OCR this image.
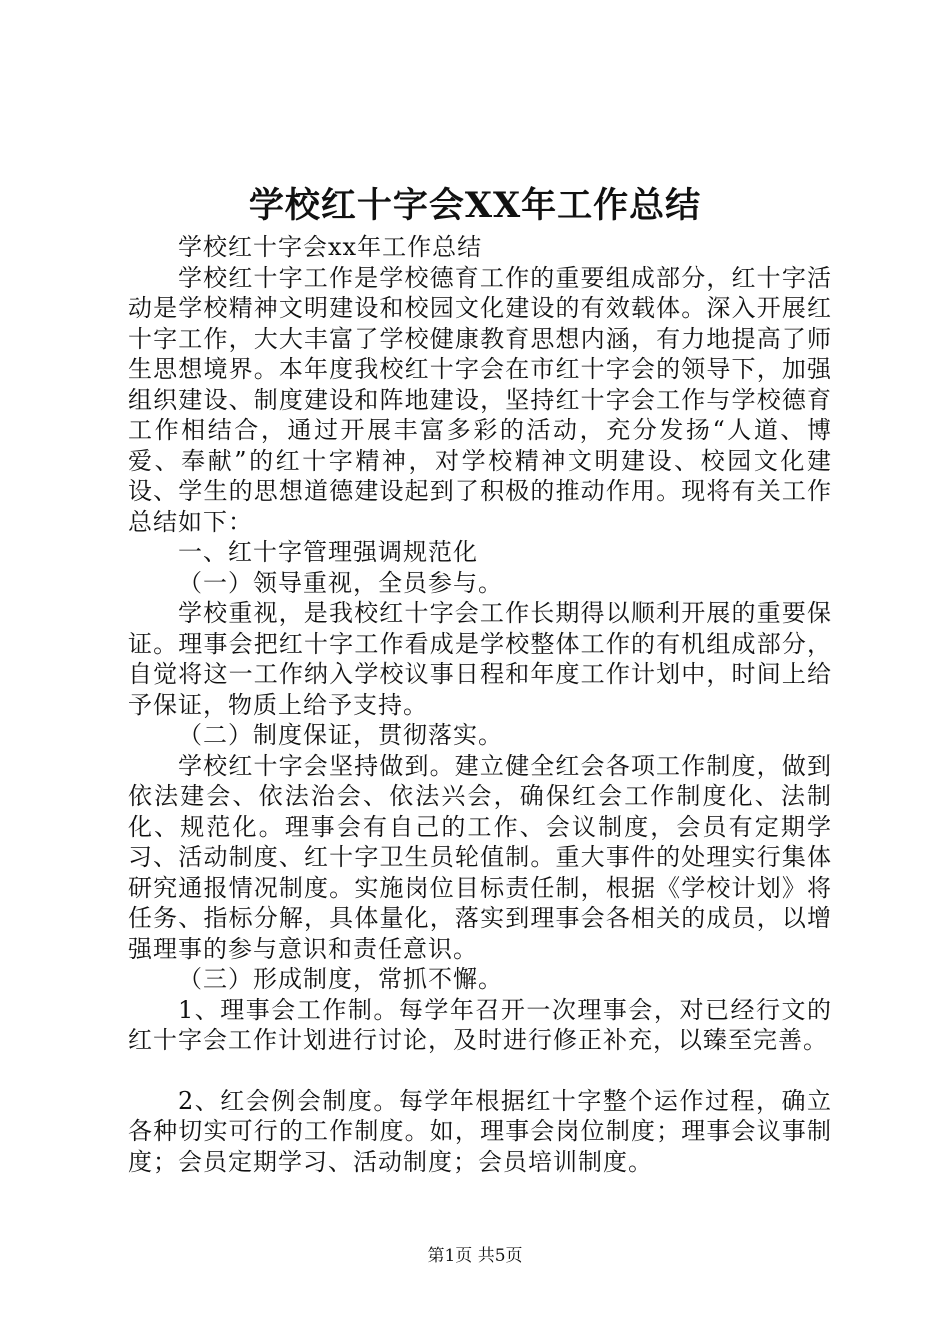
学校红十字会XX年工作总结

学校红十字会xx年工作总结

学校红十字工作是学校德育工作的重要组成部分，红十字活动是学校精神文明建设和校园文化建设的有效载体。深入开展红十字工作，大大丰富了学校健康教育思想内涵，有力地提高了师生思想境界。本年度我校红十字会在市红十字会的领导下，加强组织建设、制度建设和阵地建设，坚持红十字会工作与学校德育工作相结合，通过开展丰富多彩的活动，充分发扬“人道、博爱、奉献”的红十字精神，对学校精神文明建设、校园文化建设、学生的思想道德建设起到了积极的推动作用。现将有关工作总结如下：

一、红十字管理强调规范化

（一）领导重视，全员参与。

学校重视，是我校红十字会工作长期得以顺利开展的重要保证。理事会把红十字工作看成是学校整体工作的有机组成部分，自觉将这一工作纳入学校议事日程和年度工作计划中，时间上给予保证，物质上给予支持。

（二）制度保证，贯彻落实。

学校红十字会坚持做到。建立健全红会各项工作制度，做到依法建会、依法治会、依法兴会，确保红会工作制度化、法制化、规范化。理事会有自己的工作、会议制度，会员有定期学习、活动制度、红十字卫生员轮值制。重大事件的处理实行集体研究通报情况制度。实施岗位目标责任制，根据《学校计划》将任务、指标分解，具体量化，落实到理事会各相关的成员，以增强理事的参与意识和责任意识。

（三）形成制度，常抓不懈。

1、理事会工作制。每学年召开一次理事会，对已经行文的红十字会工作计划进行讨论，及时进行修正补充，以臻至完善。

2、红会例会制度。每学年根据红十字整个运作过程，确立各种切实可行的工作制度。如，理事会岗位制度；理事会议事制度；会员定期学习、活动制度；会员培训制度。

第1页 共5页
